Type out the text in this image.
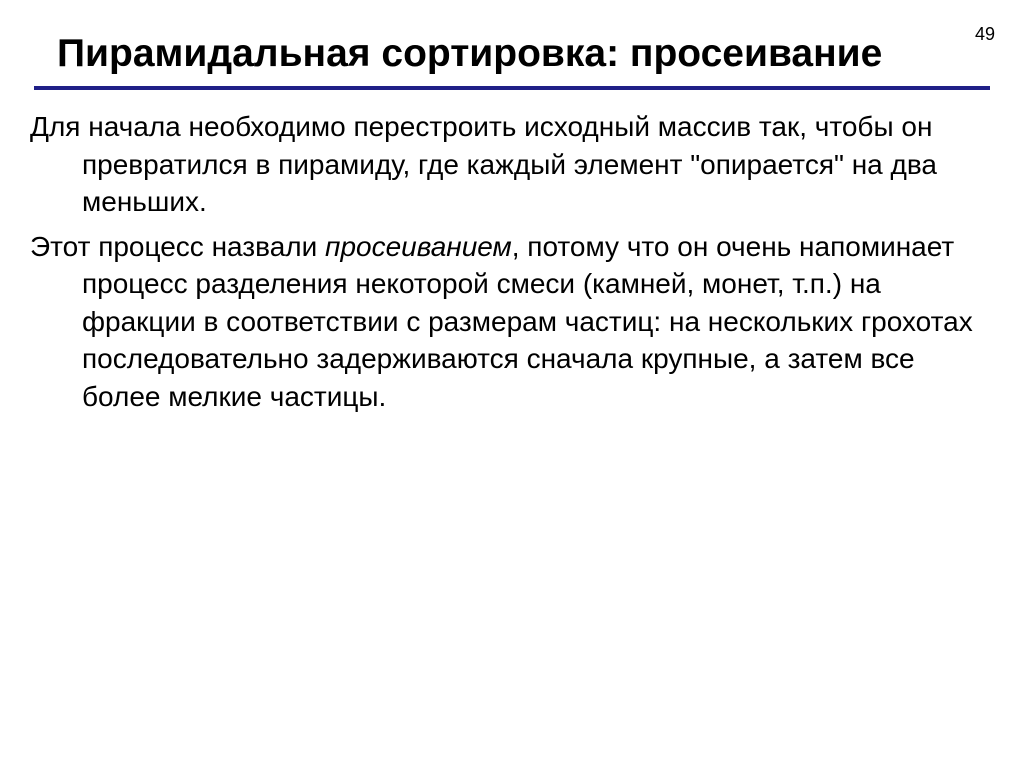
49
Пирамидальная сортировка: просеивание
Для начала необходимо перестроить исходный массив так, чтобы он превратился в пирамиду, где каждый элемент "опирается" на два меньших.
Этот процесс назвали просеиванием, потому что он очень напоминает процесс разделения некоторой смеси (камней, монет, т.п.) на фракции в соответствии с размерам частиц: на нескольких грохотах последовательно задерживаются сначала крупные, а затем все более мелкие частицы.
